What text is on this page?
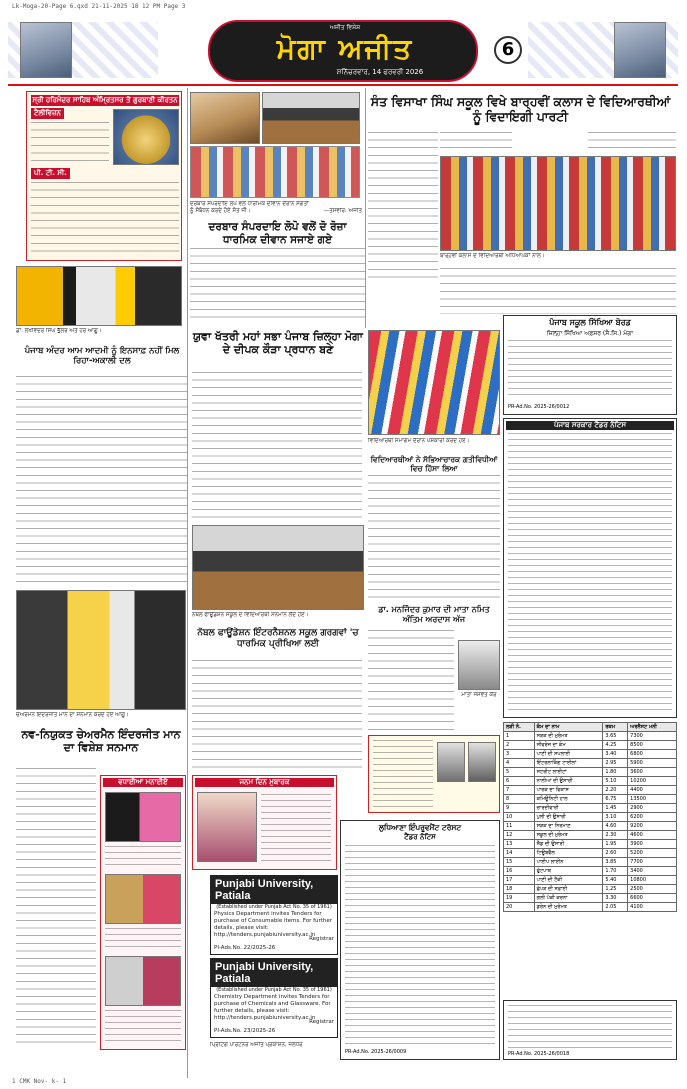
Lk-Moga-20-Page 6.qxd 21-11-2025 18 12 PM Page 3
ਅਜੀਤ ਵਿਸ਼ੇਸ਼
ਮੋਗਾ ਅਜੀਤ
ਸ਼ਨਿੱਚਰਵਾਰ, 14 ਫਰਵਰੀ 2026
6
ਸ੍ਰੀ ਹਰਿਮੰਦਰ ਸਾਹਿਬ ਅੰਮ੍ਰਿਤਸਰ ਤੋਂ ਗੁਰਬਾਣੀ ਕੀਰਤਨ
ਟੈਲੀਵਿਜ਼ਨ
ਪੀ. ਟੀ. ਸੀ.
ਦਰਬਾਰ ਸੰਪਰਦਾਇ ਲੋਪੋ ਵਲੋਂ ਧਾਰਮਿਕ ਦੀਵਾਨ ਦੌਰਾਨ ਸੰਗਤਾਂ ਨੂੰ ਸੰਬੋਧਨ ਕਰਦੇ ਹੋਏ ਸੰਤ ਜੀ।	—ਤਸਵੀਰ: ਅਜੀਤ
ਦਰਬਾਰ ਸੰਪਰਦਾਇ ਲੋਪੋ ਵਲੋਂ ਦੋ ਰੋਜ਼ਾ ਧਾਰਮਿਕ ਦੀਵਾਨ ਸਜਾਏ ਗਏ
ਸੰਤ ਵਿਸਾਖਾ ਸਿੰਘ ਸਕੂਲ ਵਿਖੇ ਬਾਰ੍ਹਵੀਂ ਕਲਾਸ ਦੇ ਵਿਦਿਆਰਥੀਆਂ ਨੂੰ ਵਿਦਾਇਗੀ ਪਾਰਟੀ
ਬਾਰ੍ਹਵੀਂ ਕਲਾਸ ਦੇ ਵਿਦਿਆਰਥੀ ਅਧਿਆਪਕਾਂ ਨਾਲ।
ਡਾ. ਲਖਵਿੰਦਰ ਸਿੰਘ ਭੁੱਲਰ ਅਤੇ ਹੋਰ ਆਗੂ।
ਪੰਜਾਬ ਅੰਦਰ ਆਮ ਆਦਮੀ ਨੂੰ ਇਨਸਾਫ਼ ਨਹੀਂ ਮਿਲ ਰਿਹਾ-ਅਕਾਲੀ ਦਲ
ਪੰਜਾਬ ਸਕੂਲ ਸਿੱਖਿਆ ਬੋਰਡ
ਜ਼ਿਲ੍ਹਾ ਸਿੱਖਿਆ ਅਫ਼ਸਰ (ਸੈ.ਸਿ.) ਮੋਗਾ
PR-Ad.No. 2025-26/0012
ਯੁਵਾ ਖੱਤਰੀ ਮਹਾਂ ਸਭਾ ਪੰਜਾਬ ਜ਼ਿਲ੍ਹਾ ਮੋਗਾ ਦੇ ਦੀਪਕ ਕੌੜਾ ਪ੍ਰਧਾਨ ਬਣੇ
ਵਿਦਿਆਰਥੀ ਸਮਾਗਮ ਦੌਰਾਨ ਪੇਸ਼ਕਾਰੀ ਕਰਦੇ ਹੋਏ।
ਵਿਦਿਆਰਥੀਆਂ ਨੇ ਸੱਭਿਆਚਾਰਕ ਗਤੀਵਿਧੀਆਂ ਵਿਚ ਹਿੱਸਾ ਲਿਆ
ਪੰਜਾਬ ਸਰਕਾਰ ਟੈਂਡਰ ਨੋਟਿਸ
ਨੋਬਲ ਫਾਊਂਡੇਸ਼ਨ ਸਕੂਲ ਦੇ ਵਿਦਿਆਰਥੀ ਸਨਮਾਨ ਲੈਂਦੇ ਹੋਏ।
ਨੋਬਲ ਫਾਊਂਡੇਸ਼ਨ ਇੰਟਰਨੈਸ਼ਨਲ ਸਕੂਲ ਗਰਗਵਾਂ 'ਚ ਧਾਰਮਿਕ ਪ੍ਰੀਖਿਆ ਲਈ
ਚੇਅਰਮੈਨ ਇੰਦਰਜੀਤ ਮਾਨ ਦਾ ਸਨਮਾਨ ਕਰਦੇ ਹੋਏ ਆਗੂ।
ਨਵ-ਨਿਯੁਕਤ ਚੇਅਰਮੈਨ ਇੰਦਰਜੀਤ ਮਾਨ ਦਾ ਵਿਸ਼ੇਸ਼ ਸਨਮਾਨ
ਡਾ. ਮਨਜਿੰਦਰ ਕੁਮਾਰ ਦੀ ਮਾਤਾ ਨਮਿਤ ਅੰਤਿਮ ਅਰਦਾਸ ਅੱਜ
ਮਾਤਾ ਜਸਵੰਤ ਕੌਰ
ਲੁਧਿਆਣਾ ਇੰਪਰੂਵਮੈਂਟ ਟਰੱਸਟ
ਟੈਂਡਰ ਨੋਟਿਸ
PR-Ad.No. 2025-26/0009
ਵਧਾਈਆਂ ਮਨਾਈਏ	ਜਨਮ ਦਿਨ ਮੁਬਾਰਕ
Punjabi University, Patiala
(Established under Punjab Act No. 35 of 1961)
Physics Department invites Tenders for purchase of Consumable items. For further details, please visit: http://tenders.punjabiuniversity.ac.in
Registrar
PI-Ads.No. 22/2025-26
Punjabi University, Patiala
(Established under Punjab Act No. 35 of 1961)
Chemistry Department invites Tenders for purchase of Chemicals and Glassware. For further details, please visit: http://tenders.punjabiuniversity.ac.in
Registrar
PI-Ads.No. 23/2025-26
ਪ੍ਰਿੰਟਿੰਗ ਪਾਰਟਨਰ ਅਜੀਤ ਪ੍ਰਕਾਸ਼ਨ, ਜਲੰਧਰ
ਲੜੀ ਨੰ.	ਕੰਮ ਦਾ ਨਾਮ	ਰਕਮ	ਅਰਨੈਸਟ ਮਨੀ
1	ਸੜਕ ਦੀ ਮੁਰੰਮਤ	3.65	7300
2	ਸੀਵਰੇਜ ਦਾ ਕੰਮ	4.25	8500
3	ਪਾਣੀ ਦੀ ਸਪਲਾਈ	3.40	6800
4	ਇੰਟਰਲਾਕਿੰਗ ਟਾਈਲਾਂ	2.95	5900
5	ਸਟਰੀਟ ਲਾਈਟਾਂ	1.80	3600
6	ਨਾਲੀਆਂ ਦੀ ਉਸਾਰੀ	5.10	10200
7	ਪਾਰਕ ਦਾ ਵਿਕਾਸ	2.20	4400
8	ਕਮਿਊਨਿਟੀ ਹਾਲ	6.75	13500
9	ਚਾਰਦੀਵਾਰੀ	1.45	2900
10	ਪੁਲੀ ਦੀ ਉਸਾਰੀ	3.10	6200
11	ਸੜਕ ਦਾ ਨਿਰਮਾਣ	4.60	9200
12	ਸਕੂਲ ਦੀ ਮੁਰੰਮਤ	2.30	4600
13	ਸ਼ੈੱਡ ਦੀ ਉਸਾਰੀ	1.95	3900
14	ਟਿਊਬਵੈੱਲ	2.60	5200
15	ਪਾਈਪ ਲਾਈਨ	3.85	7700
16	ਫੁੱਟਪਾਥ	1.70	3400
17	ਪਾਣੀ ਦੀ ਟੈਂਕੀ	5.40	10800
18	ਛੱਪੜ ਦੀ ਸਫ਼ਾਈ	1.25	2500
19	ਗਲੀ ਪੱਕੀ ਕਰਨਾ	3.30	6600
20	ਡਰੇਨ ਦੀ ਮੁਰੰਮਤ	2.05	4100
PR-Ad.No. 2025-26/0018
1 CMK Nov- k- 1
